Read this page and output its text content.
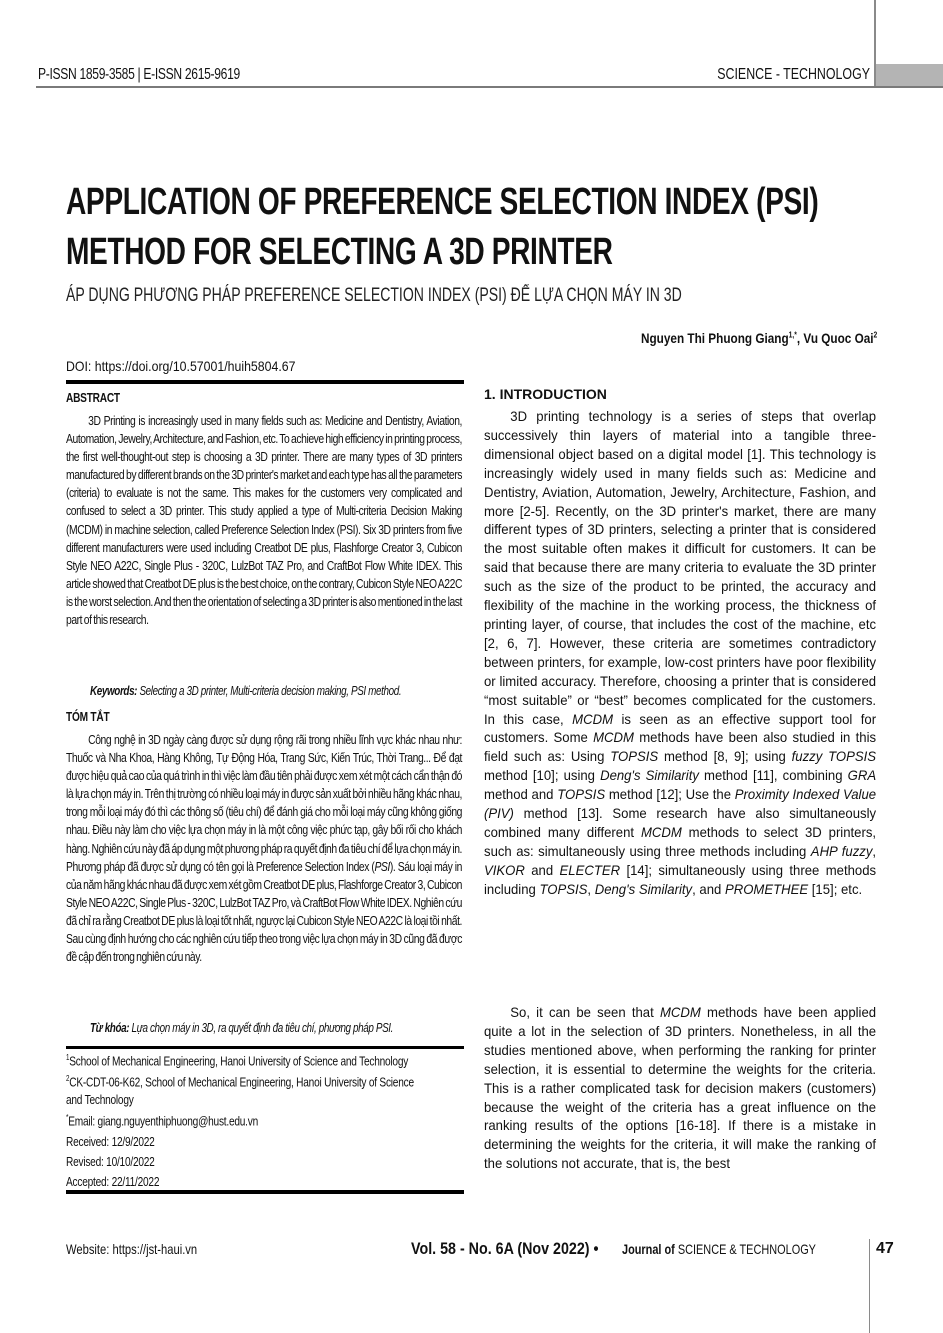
P-ISSN 1859-3585 | E-ISSN 2615-9619	SCIENCE - TECHNOLOGY
APPLICATION OF PREFERENCE SELECTION INDEX (PSI)
METHOD FOR SELECTING A 3D PRINTER
ÁP DỤNG PHƯƠNG PHÁP PREFERENCE SELECTION INDEX (PSI) ĐỂ LỰA CHỌN MÁY IN 3D
Nguyen Thi Phuong Giang$^{1,*}$, Vu Quoc Oai$^2$
DOI: https://doi.org/10.57001/huih5804.67
ABSTRACT
3D Printing is increasingly used in many fields such as: Medicine and Dentistry, Aviation, Automation, Jewelry, Architecture, and Fashion, etc. To achieve high efficiency in printing process, the first well-thought-out step is choosing a 3D printer. There are many types of 3D printers manufactured by different brands on the 3D printer's market and each type has all the parameters (criteria) to evaluate is not the same. This makes for the customers very complicated and confused to select a 3D printer. This study applied a type of Multi-criteria Decision Making (MCDM) in machine selection, called Preference Selection Index (PSI). Six 3D printers from five different manufacturers were used including Creatbot DE plus, Flashforge Creator 3, Cubicon Style NEO A22C, Single Plus - 320C, LulzBot TAZ Pro, and CraftBot Flow White IDEX. This article showed that Creatbot DE plus is the best choice, on the contrary, Cubicon Style NEO A22C is the worst selection. And then the orientation of selecting a 3D printer is also mentioned in the last part of this research.
Keywords: Selecting a 3D printer, Multi-criteria decision making, PSI method.
TÓM TẮT
Công nghệ in 3D ngày càng được sử dụng rộng rãi trong nhiều lĩnh vực khác nhau như: Thuốc và Nha Khoa, Hàng Không, Tự Động Hóa, Trang Sức, Kiến Trúc, Thời Trang... Để đạt được hiệu quả cao của quá trình in thì việc làm đầu tiên phải được xem xét một cách cẩn thận đó là lựa chọn máy in. Trên thị trường có nhiều loại máy in được sản xuất bởi nhiều hãng khác nhau, trong mỗi loại máy đó thì các thông số (tiêu chí) để đánh giá cho mỗi loại máy cũng không giống nhau. Điều này làm cho việc lựa chọn máy in là một công việc phức tạp, gây bối rối cho khách hàng. Nghiên cứu này đã áp dụng một phương pháp ra quyết định đa tiêu chí để lựa chọn máy in. Phương pháp đã được sử dụng có tên gọi là Preference Selection Index (PSI). Sáu loại máy in của năm hãng khác nhau đã được xem xét gồm Creatbot DE plus, Flashforge Creator 3, Cubicon Style NEO A22C, Single Plus - 320C, LulzBot TAZ Pro, và CraftBot Flow White IDEX. Nghiên cứu đã chỉ ra rằng Creatbot DE plus là loại tốt nhất, ngược lại Cubicon Style NEO A22C là loại tồi nhất. Sau cùng định hướng cho các nghiên cứu tiếp theo trong việc lựa chọn máy in 3D cũng đã được đề cập đến trong nghiên cứu này.
Từ khóa: Lựa chọn máy in 3D, ra quyết định đa tiêu chí, phương pháp PSI.
$^1$School of Mechanical Engineering, Hanoi University of Science and Technology
$^2$CK-CDT-06-K62, School of Mechanical Engineering, Hanoi University of Science
and Technology
*Email: giang.nguyenthiphuong@hust.edu.vn
Received: 12/9/2022
Revised: 10/10/2022
Accepted: 22/11/2022
1. INTRODUCTION
3D printing technology is a series of steps that overlap successively thin layers of material into a tangible three-dimensional object based on a digital model [1]. This technology is increasingly widely used in many fields such as: Medicine and Dentistry, Aviation, Automation, Jewelry, Architecture, Fashion, and more [2-5]. Recently, on the 3D printer's market, there are many different types of 3D printers, selecting a printer that is considered the most suitable often makes it difficult for customers. It can be said that because there are many criteria to evaluate the 3D printer such as the size of the product to be printed, the accuracy and flexibility of the machine in the working process, the thickness of printing layer, of course, that includes the cost of the machine, etc [2, 6, 7]. However, these criteria are sometimes contradictory between printers, for example, low-cost printers have poor flexibility or limited accuracy. Therefore, choosing a printer that is considered “most suitable” or “best” becomes complicated for the customers. In this case, MCDM is seen as an effective support tool for customers. Some MCDM methods have been also studied in this field such as: Using TOPSIS method [8, 9]; using fuzzy TOPSIS method [10]; using Deng's Similarity method [11], combining GRA method and TOPSIS method [12]; Use the Proximity Indexed Value (PIV) method [13]. Some research have also simultaneously combined many different MCDM methods to select 3D printers, such as: simultaneously using three methods including AHP fuzzy, VIKOR and ELECTER [14]; simultaneously using three methods including TOPSIS, Deng's Similarity, and PROMETHEE [15]; etc.
So, it can be seen that MCDM methods have been applied quite a lot in the selection of 3D printers. Nonetheless, in all the studies mentioned above, when performing the ranking for printer selection, it is essential to determine the weights for the criteria. This is a rather complicated task for decision makers (customers) because the weight of the criteria has a great influence on the ranking results of the options [16-18]. If there is a mistake in determining the weights for the criteria, it will make the ranking of the solutions not accurate, that is, the best
Website: https://jst-haui.vn	Vol. 58 - No. 6A (Nov 2022) • Journal of SCIENCE & TECHNOLOGY	47
